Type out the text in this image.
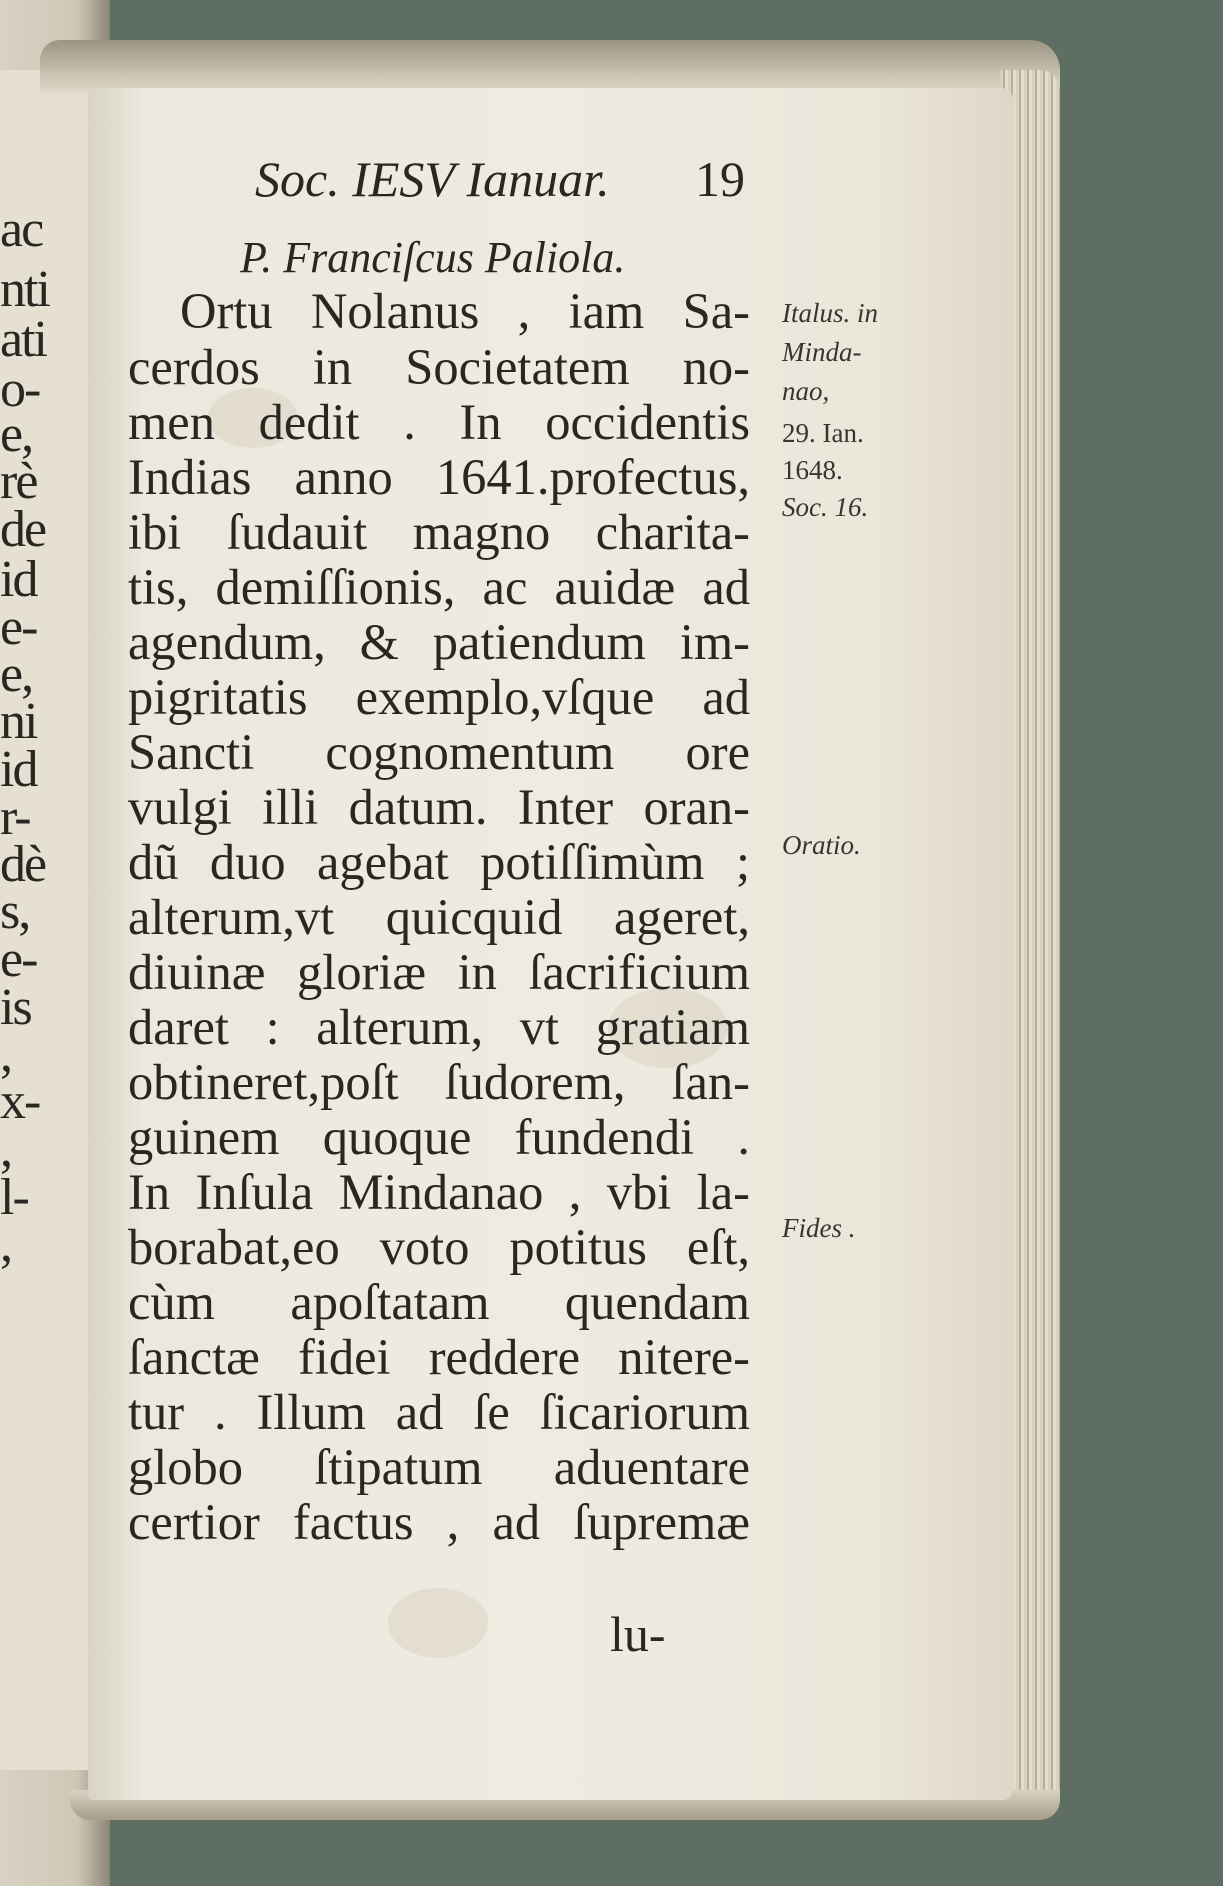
ac
nti
ati
o-
e,
rè
de
id
e-
e,
ni
id
r-
dè
s,
e-
is
,
x-
,
l-
,
Soc. IESV Ianuar. 19
P. Franciſcus Paliola.
Ortu Nolanus , iam Sa-
cerdos in Societatem no-
men dedit . In occidentis
Indias anno 1641.profectus,
ibi ſudauit magno charita-
tis, demiſſionis, ac auidæ ad
agendum, & patiendum im-
pigritatis exemplo,vſque ad
Sancti cognomentum ore
vulgi illi datum. Inter oran-
dũ duo agebat potiſſimùm ;
alterum,vt quicquid ageret,
diuinæ gloriæ in ſacrificium
daret : alterum, vt gratiam
obtineret,poſt ſudorem, ſan-
guinem quoque fundendi .
In Inſula Mindanao , vbi la-
borabat,eo voto potitus eſt,
cùm apoſtatam quendam
ſanctæ fidei reddere nitere-
tur . Illum ad ſe ſicariorum
globo ſtipatum aduentare
certior factus , ad ſupremæ
lu-
Italus. in
Minda-
nao,
29. Ian.
1648.
Soc. 16.
Oratio.
Fides .
